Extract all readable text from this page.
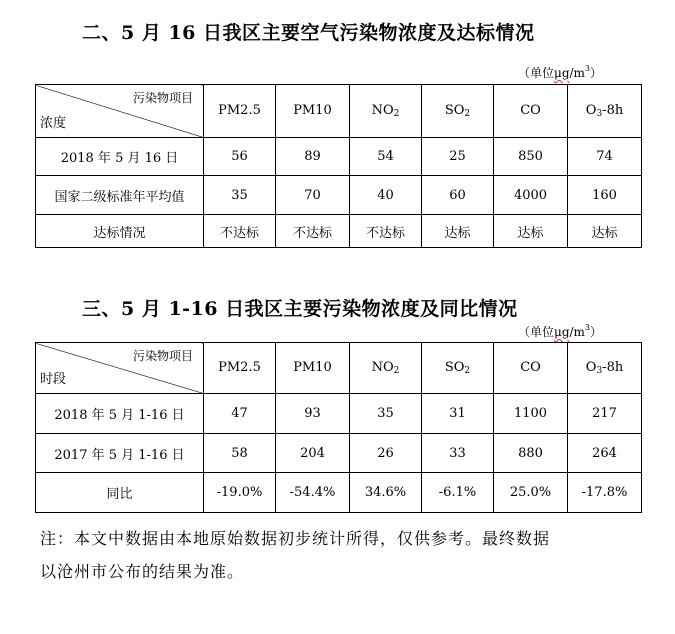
二、5 月 16 日我区主要空气污染物浓度及达标情况
（单位$\mu g/m^3$）
污染物项目
浓度	PM2.5	PM10	$NO_2$	$SO_2$	CO	$O_3-8h$
2018 年 5 月 16 日	56	89	54	25	850	74
国家二级标准年平均值	35	70	40	60	4000	160
达标情况	不达标	不达标	不达标	达标	达标	达标
三、5 月 1-16 日我区主要污染物浓度及同比情况
（单位$\mu g/m^3$）
污染物项目
时段	PM2.5	PM10	$NO_2$	$SO_2$	CO	$O_3-8h$
2018 年 5 月 1-16 日	47	93	35	31	1100	217
2017 年 5 月 1-16 日	58	204	26	33	880	264
同比	-19.0%	-54.4%	34.6%	-6.1%	25.0%	-17.8%

注：本文中数据由本地原始数据初步统计所得，仅供参考。最终数据

以沧州市公布的结果为准。
